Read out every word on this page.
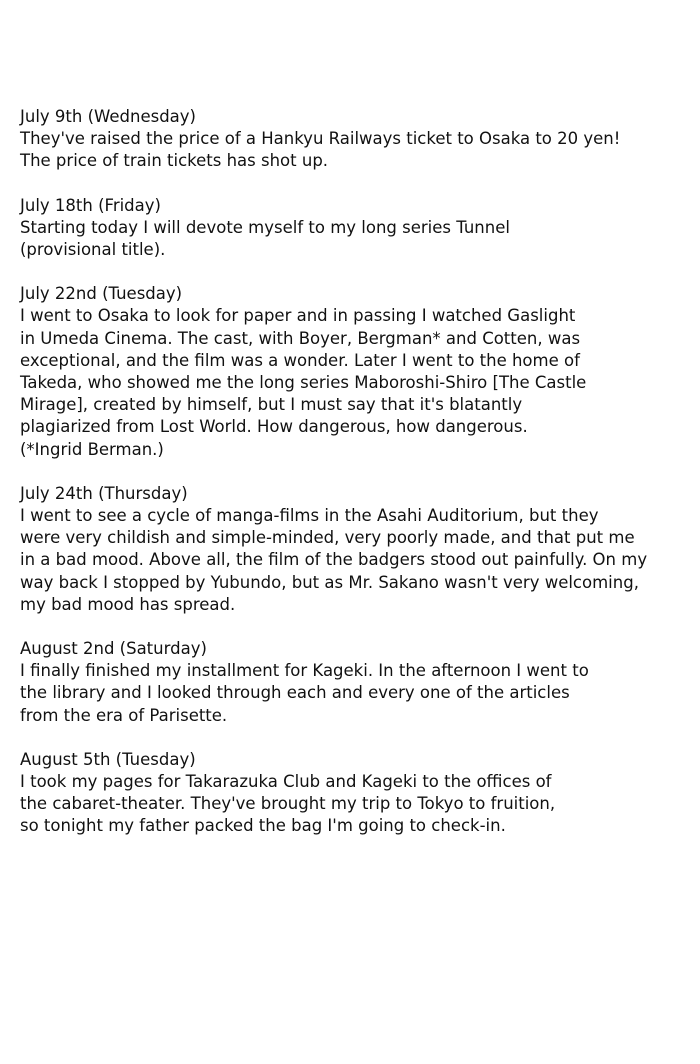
July 9th (Wednesday)
They've raised the price of a Hankyu Railways ticket to Osaka to 20 yen!
The price of train tickets has shot up.
July 18th (Friday)
Starting today I will devote myself to my long series Tunnel
(provisional title).
July 22nd (Tuesday)
I went to Osaka to look for paper and in passing I watched Gaslight
in Umeda Cinema. The cast, with Boyer, Bergman* and Cotten, was
exceptional, and the film was a wonder. Later I went to the home of
Takeda, who showed me the long series Maboroshi-Shiro [The Castle
Mirage], created by himself, but I must say that it's blatantly
plagiarized from Lost World. How dangerous, how dangerous.
(*Ingrid Berman.)
July 24th (Thursday)
I went to see a cycle of manga-films in the Asahi Auditorium, but they
were very childish and simple-minded, very poorly made, and that put me
in a bad mood. Above all, the film of the badgers stood out painfully. On my
way back I stopped by Yubundo, but as Mr. Sakano wasn't very welcoming,
my bad mood has spread.
August 2nd (Saturday)
I finally finished my installment for Kageki. In the afternoon I went to
the library and I looked through each and every one of the articles
from the era of Parisette.
August 5th (Tuesday)
I took my pages for Takarazuka Club and Kageki to the offices of
the cabaret-theater. They've brought my trip to Tokyo to fruition,
so tonight my father packed the bag I'm going to check-in.
